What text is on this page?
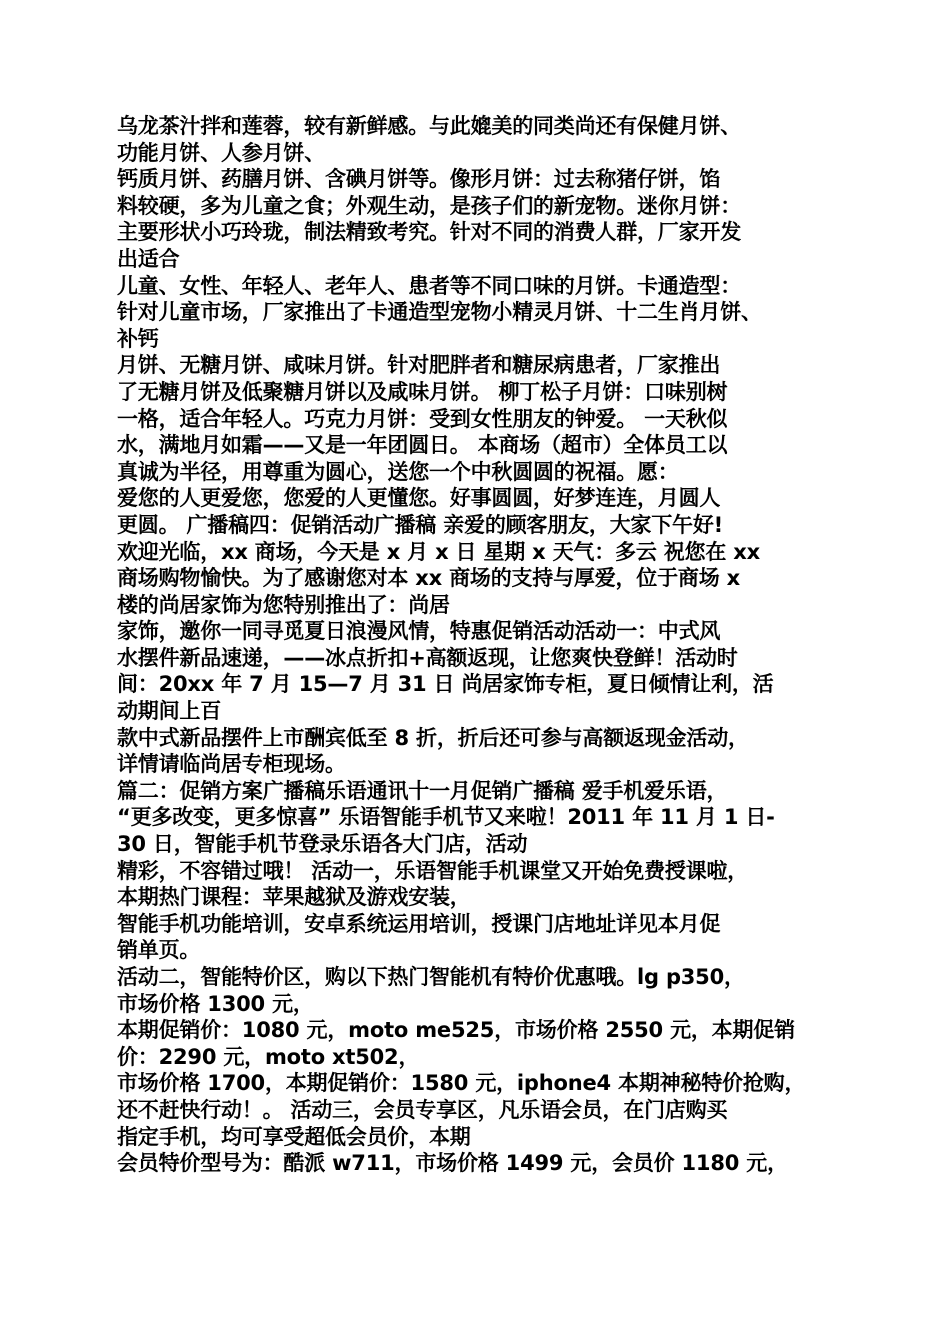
乌龙茶汁拌和莲蓉，较有新鲜感。与此媲美的同类尚还有保健月饼、
功能月饼、人参月饼、
钙质月饼、药膳月饼、含碘月饼等。像形月饼：过去称猪仔饼，馅
料较硬，多为儿童之食；外观生动，是孩子们的新宠物。迷你月饼：
主要形状小巧玲珑，制法精致考究。针对不同的消费人群，厂家开发
出适合
儿童、女性、年轻人、老年人、患者等不同口味的月饼。卡通造型：
针对儿童市场，厂家推出了卡通造型宠物小精灵月饼、十二生肖月饼、
补钙
月饼、无糖月饼、咸味月饼。针对肥胖者和糖尿病患者，厂家推出
了无糖月饼及低聚糖月饼以及咸味月饼。 柳丁松子月饼：口味别树
一格，适合年轻人。巧克力月饼：受到女性朋友的钟爱。 一天秋似
水，满地月如霜——又是一年团圆日。 本商场（超市）全体员工以
真诚为半径，用尊重为圆心，送您一个中秋圆圆的祝福。愿：
爱您的人更爱您，您爱的人更懂您。好事圆圆，好梦连连，月圆人
更圆。 广播稿四：促销活动广播稿 亲爱的顾客朋友，大家下午好!
欢迎光临，xx 商场，今天是 x 月 x 日 星期 x 天气：多云 祝您在 xx
商场购物愉快。为了感谢您对本 xx 商场的支持与厚爱，位于商场 x
楼的尚居家饰为您特别推出了：尚居
家饰，邀你一同寻觅夏日浪漫风情，特惠促销活动活动一：中式风
水摆件新品速递，——冰点折扣+高额返现，让您爽快登鲜！活动时
间：20xx 年 7 月 15—7 月 31 日 尚居家饰专柜，夏日倾情让利，活
动期间上百
款中式新品摆件上市酬宾低至 8 折，折后还可参与高额返现金活动，
详情请临尚居专柜现场。
篇二：促销方案广播稿乐语通讯十一月促销广播稿 爱手机爱乐语，
“更多改变，更多惊喜” 乐语智能手机节又来啦！2011 年 11 月 1 日-
30 日，智能手机节登录乐语各大门店，活动
精彩，不容错过哦！ 活动一，乐语智能手机课堂又开始免费授课啦，
本期热门课程：苹果越狱及游戏安装，
智能手机功能培训，安卓系统运用培训，授课门店地址详见本月促
销单页。
活动二，智能特价区，购以下热门智能机有特价优惠哦。lg p350，
市场价格 1300 元，
本期促销价：1080 元，moto me525，市场价格 2550 元，本期促销
价：2290 元，moto xt502，
市场价格 1700，本期促销价：1580 元，iphone4 本期神秘特价抢购，
还不赶快行动！。 活动三，会员专享区，凡乐语会员，在门店购买
指定手机，均可享受超低会员价，本期
会员特价型号为：酷派 w711，市场价格 1499 元，会员价 1180 元，
